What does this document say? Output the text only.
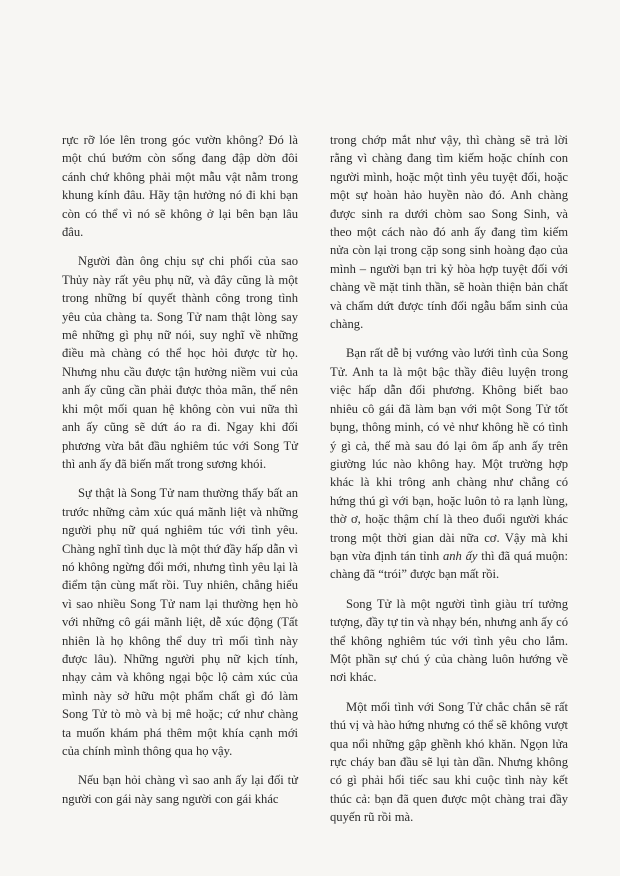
rực rỡ lóe lên trong góc vườn không? Đó là một chú bướm còn sống đang đập dờn đôi cánh chứ không phải một mẫu vật nằm trong khung kính đâu. Hãy tận hưởng nó đi khi bạn còn có thể vì nó sẽ không ở lại bên bạn lâu đâu.

Người đàn ông chịu sự chi phối của sao Thủy này rất yêu phụ nữ, và đây cũng là một trong những bí quyết thành công trong tình yêu của chàng ta. Song Tử nam thật lòng say mê những gì phụ nữ nói, suy nghĩ về những điều mà chàng có thể học hỏi được từ họ. Nhưng nhu cầu được tận hưởng niềm vui của anh ấy cũng cần phải được thỏa mãn, thế nên khi một mối quan hệ không còn vui nữa thì anh ấy cũng sẽ dứt áo ra đi. Ngay khi đối phương vừa bắt đầu nghiêm túc với Song Tử thì anh ấy đã biến mất trong sương khói.

Sự thật là Song Tử nam thường thấy bất an trước những cảm xúc quá mãnh liệt và những người phụ nữ quá nghiêm túc với tình yêu. Chàng nghĩ tình dục là một thứ đầy hấp dẫn vì nó không ngừng đổi mới, nhưng tình yêu lại là điểm tận cùng mất rồi. Tuy nhiên, chẳng hiểu vì sao nhiều Song Tử nam lại thường hẹn hò với những cô gái mãnh liệt, dễ xúc động (Tất nhiên là họ không thể duy trì mối tình này được lâu). Những người phụ nữ kịch tính, nhạy cảm và không ngại bộc lộ cảm xúc của mình này sở hữu một phẩm chất gì đó làm Song Tử tò mò và bị mê hoặc; cứ như chàng ta muốn khám phá thêm một khía cạnh mới của chính mình thông qua họ vậy.

Nếu bạn hỏi chàng vì sao anh ấy lại đối tử người con gái này sang người con gái khác

trong chớp mắt như vậy, thì chàng sẽ trả lời rằng vì chàng đang tìm kiếm hoặc chính con người mình, hoặc một tình yêu tuyệt đối, hoặc một sự hoàn hảo huyền nào đó. Anh chàng được sinh ra dưới chòm sao Song Sinh, và theo một cách nào đó anh ấy đang tìm kiếm nửa còn lại trong cặp song sinh hoàng đạo của mình – người bạn tri kỷ hòa hợp tuyệt đối với chàng về mặt tinh thần, sẽ hoàn thiện bản chất và chấm dứt được tính đối ngẫu bẩm sinh của chàng.

Bạn rất dễ bị vướng vào lưới tình của Song Tử. Anh ta là một bậc thầy điêu luyện trong việc hấp dẫn đối phương. Không biết bao nhiêu cô gái đã làm bạn với một Song Tử tốt bụng, thông minh, có vẻ như không hề có tình ý gì cả, thế mà sau đó lại ôm ấp anh ấy trên giường lúc nào không hay. Một trường hợp khác là khi trông anh chàng như chẳng có hứng thú gì với bạn, hoặc luôn tỏ ra lạnh lùng, thờ ơ, hoặc thậm chí là theo đuổi người khác trong một thời gian dài nữa cơ. Vậy mà khi bạn vừa định tán tỉnh anh ấy thì đã quá muộn: chàng đã “trói” được bạn mất rồi.

Song Tử là một người tình giàu trí tưởng tượng, đầy tự tin và nhạy bén, nhưng anh ấy có thể không nghiêm túc với tình yêu cho lắm. Một phần sự chú ý của chàng luôn hướng về nơi khác.

Một mối tình với Song Tử chắc chắn sẽ rất thú vị và hào hứng nhưng có thể sẽ không vượt qua nổi những gập ghềnh khó khăn. Ngọn lửa rực cháy ban đầu sẽ lụi tàn dần. Nhưng không có gì phải hối tiếc sau khi cuộc tình này kết thúc cả: bạn đã quen được một chàng trai đầy quyến rũ rồi mà.
